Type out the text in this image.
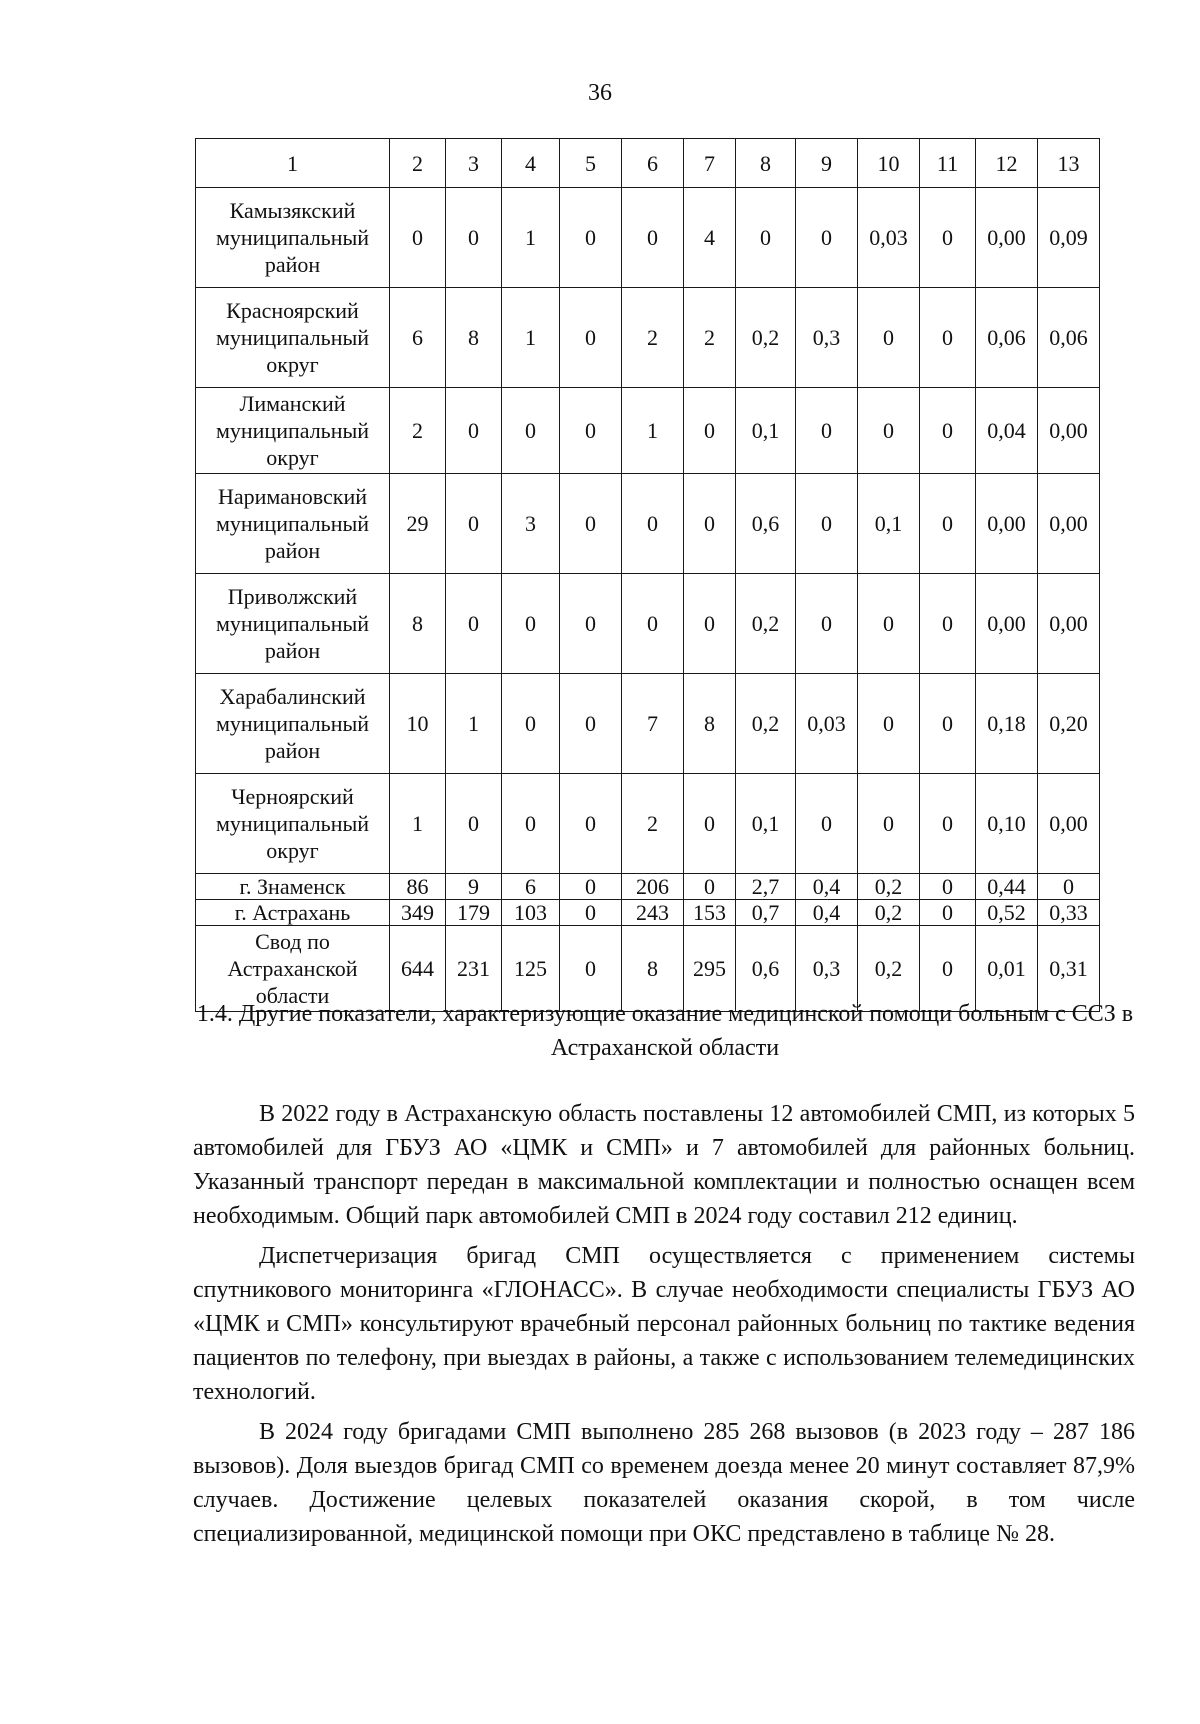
36
1	2	3	4	5	6	7	8	9	10	11	12	13
Камызякский муниципальный район	0	0	1	0	0	4	0	0	0,03	0	0,00	0,09
Красноярский муниципальный округ	6	8	1	0	2	2	0,2	0,3	0	0	0,06	0,06
Лиманский муниципальный округ	2	0	0	0	1	0	0,1	0	0	0	0,04	0,00
Наримановский муниципальный район	29	0	3	0	0	0	0,6	0	0,1	0	0,00	0,00
Приволжский муниципальный район	8	0	0	0	0	0	0,2	0	0	0	0,00	0,00
Харабалинский муниципальный район	10	1	0	0	7	8	0,2	0,03	0	0	0,18	0,20
Черноярский муниципальный округ	1	0	0	0	2	0	0,1	0	0	0	0,10	0,00
г. Знаменск	86	9	6	0	206	0	2,7	0,4	0,2	0	0,44	0
г. Астрахань	349	179	103	0	243	153	0,7	0,4	0,2	0	0,52	0,33
Свод по Астраханской области	644	231	125	0	8	295	0,6	0,3	0,2	0	0,01	0,31
1.4. Другие показатели, характеризующие оказание медицинской помощи больным с ССЗ в Астраханской области

В 2022 году в Астраханскую область поставлены 12 автомобилей СМП, из которых 5 автомобилей для ГБУЗ АО «ЦМК и СМП» и 7 автомобилей для районных больниц. Указанный транспорт передан в максимальной комплектации и полностью оснащен всем необходимым. Общий парк автомобилей СМП в 2024 году составил 212 единиц.

Диспетчеризация бригад СМП осуществляется с применением системы спутникового мониторинга «ГЛОНАСС». В случае необходимости специалисты ГБУЗ АО «ЦМК и СМП» консультируют врачебный персонал районных больниц по тактике ведения пациентов по телефону, при выездах в районы, а также с использованием телемедицинских технологий.

В 2024 году бригадами СМП выполнено 285 268 вызовов (в 2023 году – 287 186 вызовов). Доля выездов бригад СМП со временем доезда менее 20 минут составляет 87,9% случаев. Достижение целевых показателей оказания скорой, в том числе специализированной, медицинской помощи при ОКС представлено в таблице № 28.
